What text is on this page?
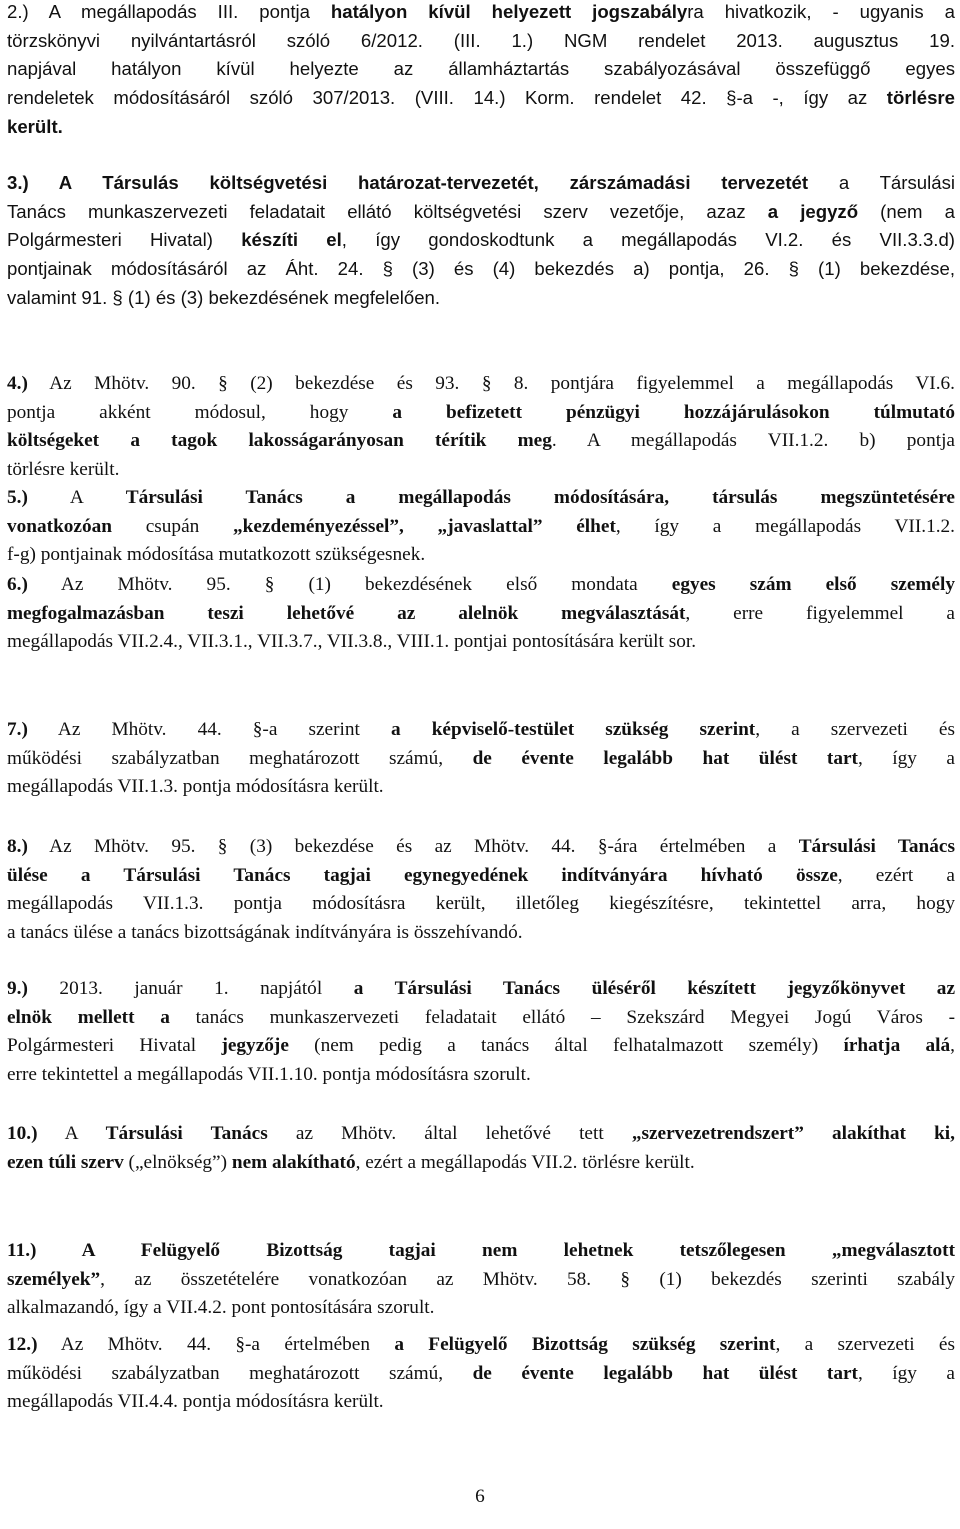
2.) A megállapodás III. pontja hatályon kívül helyezett jogszabályra hivatkozik, - ugyanis a
törzskönyvi nyilvántartásról szóló 6/2012. (III. 1.) NGM rendelet 2013. augusztus 19.
napjával hatályon kívül helyezte az államháztartás szabályozásával összefüggő egyes
rendeletek módosításáról szóló 307/2013. (VIII. 14.) Korm. rendelet 42. §-a -, így az törlésre
került.
3.) A Társulás költségvetési határozat-tervezetét, zárszámadási tervezetét a Társulási
Tanács munkaszervezeti feladatait ellátó költségvetési szerv vezetője, azaz a jegyző (nem a
Polgármesteri Hivatal) készíti el, így gondoskodtunk a megállapodás VI.2. és VII.3.3.d)
pontjainak módosításáról az Áht. 24. § (3) és (4) bekezdés a) pontja, 26. § (1) bekezdése,
valamint 91. § (1) és (3) bekezdésének megfelelően.
4.) Az Mhötv. 90. § (2) bekezdése és 93. § 8. pontjára figyelemmel a megállapodás VI.6.
pontja akként módosul, hogy a befizetett pénzügyi hozzájárulásokon túlmutató
költségeket a tagok lakosságarányosan térítik meg. A megállapodás VII.1.2. b) pontja
törlésre került.
5.) A Társulási Tanács a megállapodás módosítására, társulás megszüntetésére
vonatkozóan csupán „kezdeményezéssel”, „javaslattal” élhet, így a megállapodás VII.1.2.
f-g) pontjainak módosítása mutatkozott szükségesnek.
6.) Az Mhötv. 95. § (1) bekezdésének első mondata egyes szám első személy
megfogalmazásban teszi lehetővé az alelnök megválasztását, erre figyelemmel a
megállapodás VII.2.4., VII.3.1., VII.3.7., VII.3.8., VIII.1. pontjai pontosítására került sor.
7.) Az Mhötv. 44. §-a szerint a képviselő-testület szükség szerint, a szervezeti és
működési szabályzatban meghatározott számú, de évente legalább hat ülést tart, így a
megállapodás VII.1.3. pontja módosításra került.
8.) Az Mhötv. 95. § (3) bekezdése és az Mhötv. 44. §-ára értelmében a Társulási Tanács
ülése a Társulási Tanács tagjai egynegyedének indítványára hívható össze, ezért a
megállapodás VII.1.3. pontja módosításra került, illetőleg kiegészítésre, tekintettel arra, hogy
a tanács ülése a tanács bizottságának indítványára is összehívandó.
9.) 2013. január 1. napjától a Társulási Tanács üléséről készített jegyzőkönyvet az
elnök mellett a tanács munkaszervezeti feladatait ellátó – Szekszárd Megyei Jogú Város -
Polgármesteri Hivatal jegyzője (nem pedig a tanács által felhatalmazott személy) írhatja alá,
erre tekintettel a megállapodás VII.1.10. pontja módosításra szorult.
10.) A Társulási Tanács az Mhötv. által lehetővé tett „szervezetrendszert” alakíthat ki,
ezen túli szerv („elnökség”) nem alakítható, ezért a megállapodás VII.2. törlésre került.
11.) A Felügyelő Bizottság tagjai nem lehetnek tetszőlegesen „megválasztott
személyek”, az összetételére vonatkozóan az Mhötv. 58. § (1) bekezdés szerinti szabály
alkalmazandó, így a VII.4.2. pont pontosítására szorult.
12.) Az Mhötv. 44. §-a értelmében a Felügyelő Bizottság szükség szerint, a szervezeti és
működési szabályzatban meghatározott számú, de évente legalább hat ülést tart, így a
megállapodás VII.4.4. pontja módosításra került.
6
